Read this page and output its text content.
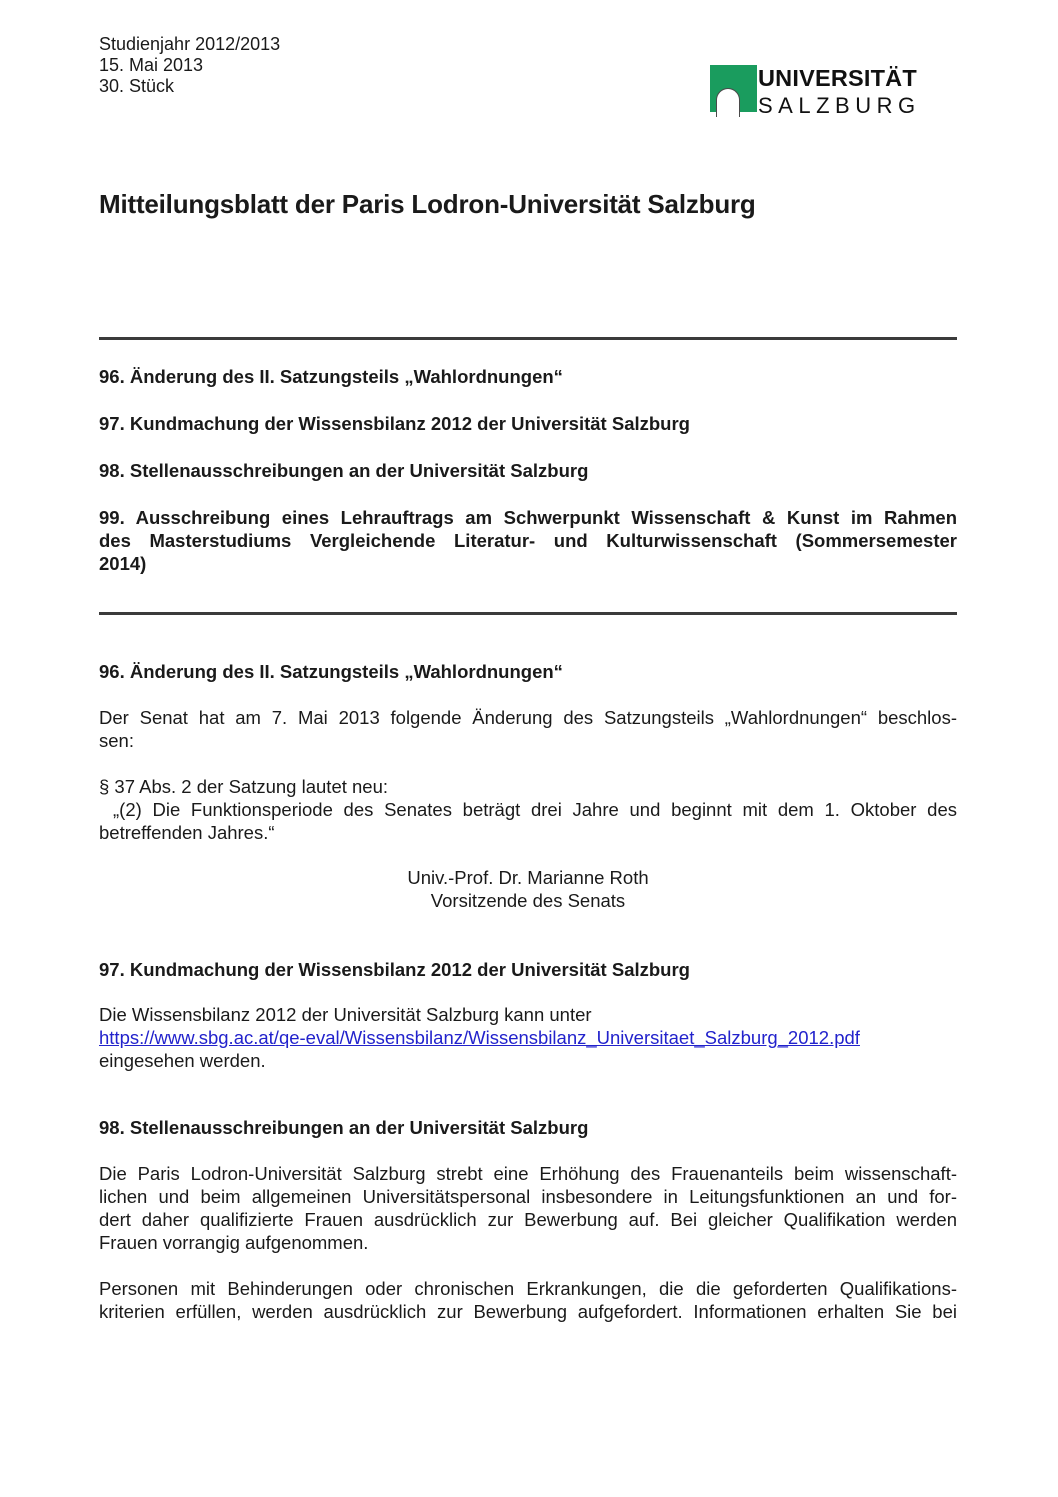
Studienjahr 2012/2013
15. Mai 2013
30. Stück	UNIVERSITÄT
SALZBURG
Mitteilungsblatt der Paris Lodron-Universität Salzburg
96. Änderung des II. Satzungsteils „Wahlordnungen“
97. Kundmachung der Wissensbilanz 2012 der Universität Salzburg
98. Stellenausschreibungen an der Universität Salzburg
99. Ausschreibung eines Lehrauftrags am Schwerpunkt Wissenschaft & Kunst im Rahmen
des Masterstudiums Vergleichende Literatur- und Kulturwissenschaft (Sommersemester
2014)
96. Änderung des II. Satzungsteils „Wahlordnungen“
Der Senat hat am 7. Mai 2013 folgende Änderung des Satzungsteils „Wahlordnungen“ beschlos-
sen:
§ 37 Abs. 2 der Satzung lautet neu:
„(2) Die Funktionsperiode des Senates beträgt drei Jahre und beginnt mit dem 1. Oktober des
betreffenden Jahres.“
Univ.-Prof. Dr. Marianne Roth
Vorsitzende des Senats
97. Kundmachung der Wissensbilanz 2012 der Universität Salzburg
Die Wissensbilanz 2012 der Universität Salzburg kann unter
https://www.sbg.ac.at/qe-eval/Wissensbilanz/Wissensbilanz_Universitaet_Salzburg_2012.pdf
eingesehen werden.
98. Stellenausschreibungen an der Universität Salzburg
Die Paris Lodron-Universität Salzburg strebt eine Erhöhung des Frauenanteils beim wissenschaft-
lichen und beim allgemeinen Universitätspersonal insbesondere in Leitungsfunktionen an und for-
dert daher qualifizierte Frauen ausdrücklich zur Bewerbung auf. Bei gleicher Qualifikation werden
Frauen vorrangig aufgenommen.
Personen mit Behinderungen oder chronischen Erkrankungen, die die geforderten Qualifikations-
kriterien erfüllen, werden ausdrücklich zur Bewerbung aufgefordert. Informationen erhalten Sie bei
